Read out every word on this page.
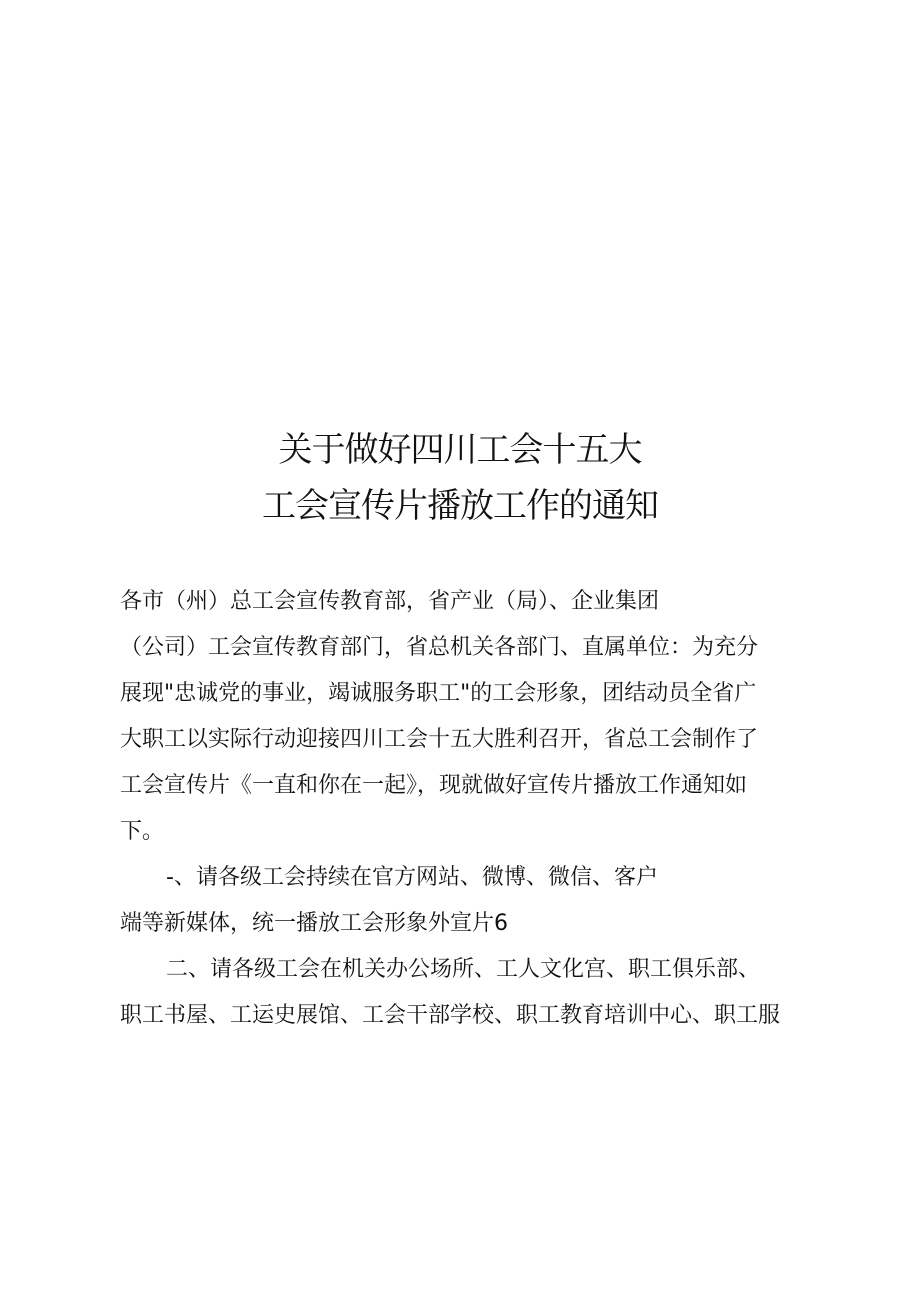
关于做好四川工会十五大
工会宣传片播放工作的通知
各市（州）总工会宣传教育部，省产业（局）、企业集团
（公司）工会宣传教育部门，省总机关各部门、直属单位：为充分
展现"忠诚党的事业，竭诚服务职工"的工会形象，团结动员全省广
大职工以实际行动迎接四川工会十五大胜利召开，省总工会制作了
工会宣传片《一直和你在一起》，现就做好宣传片播放工作通知如
下。
-、请各级工会持续在官方网站、微博、微信、客户
端等新媒体，统一播放工会形象外宣片6
二、请各级工会在机关办公场所、工人文化宫、职工俱乐部、
职工书屋、工运史展馆、工会干部学校、职工教育培训中心、职工服
